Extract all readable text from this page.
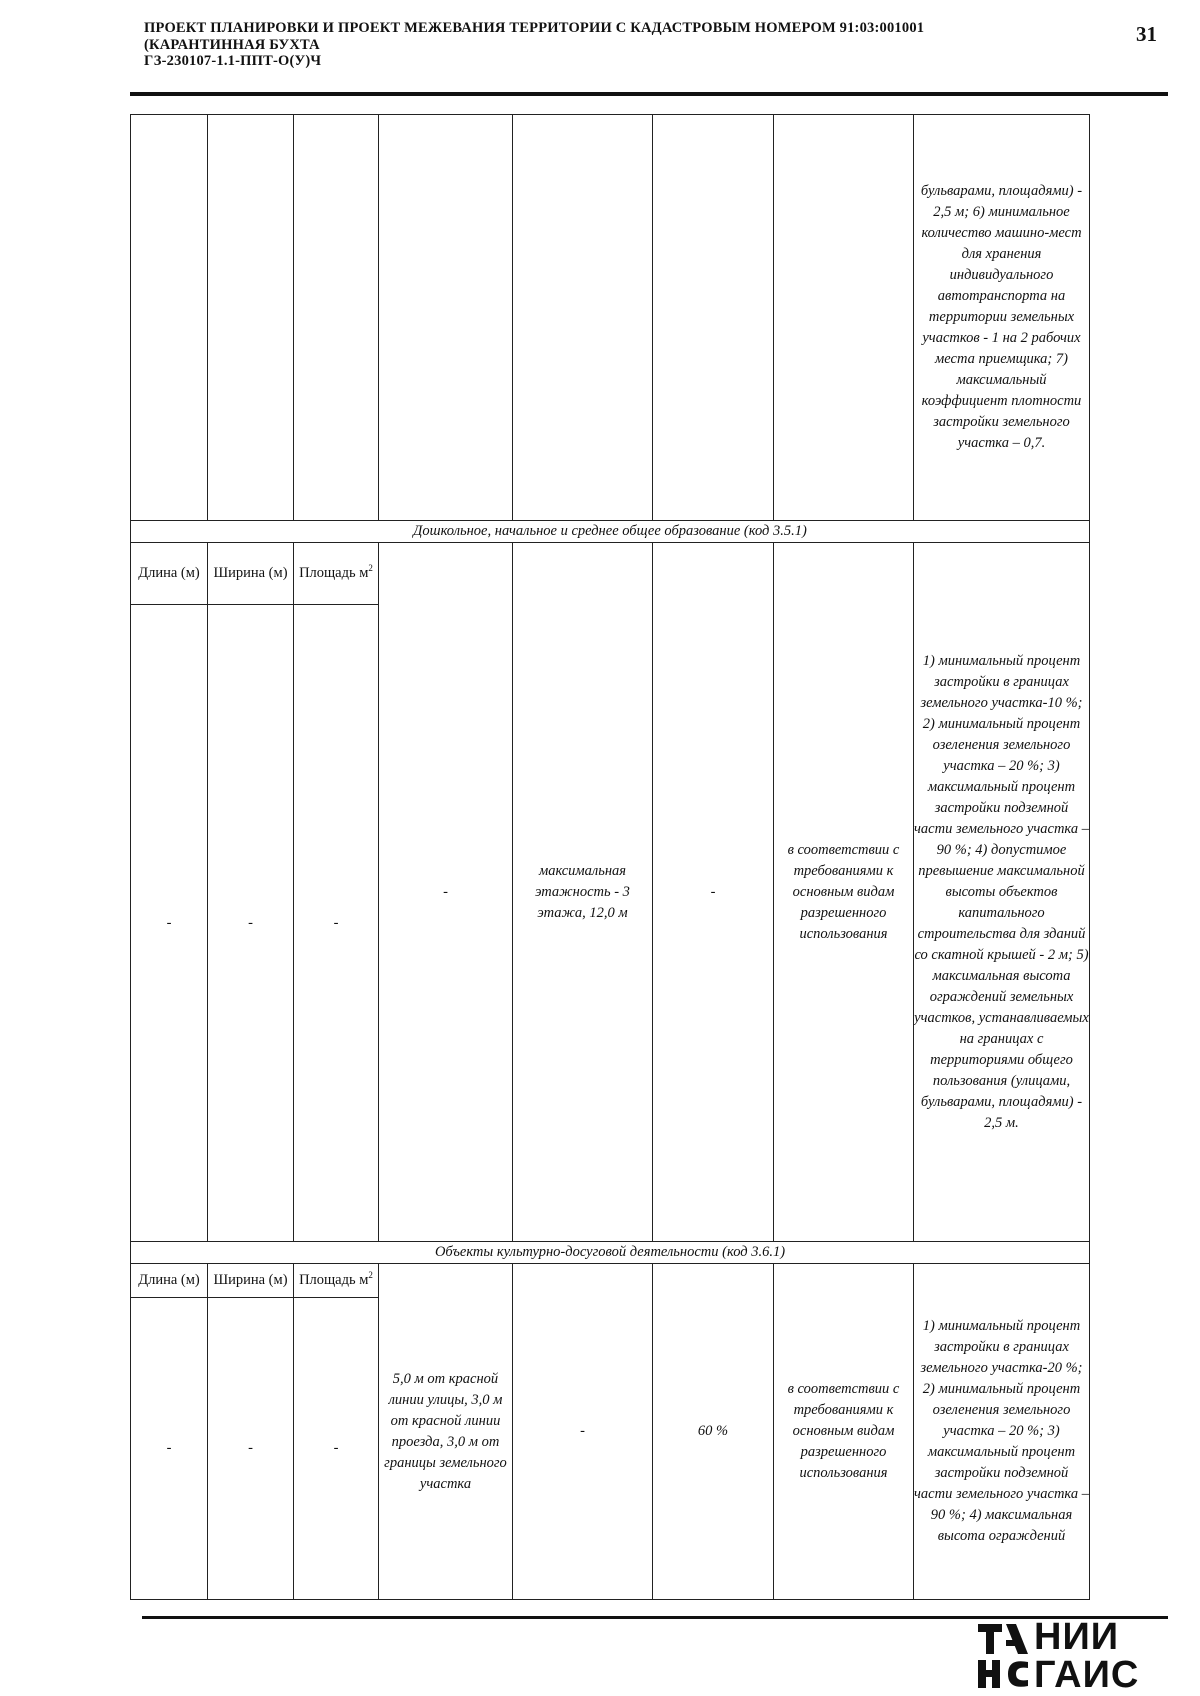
ПРОЕКТ ПЛАНИРОВКИ И ПРОЕКТ МЕЖЕВАНИЯ ТЕРРИТОРИИ С КАДАСТРОВЫМ НОМЕРОМ 91:03:001001
(КАРАНТИННАЯ БУХТА
ГЗ-230107-1.1-ППТ-О(У)Ч
31
							бульварами, площадями) - 2,5 м; 6) минимальное количество машино-мест для хранения индивидуального автотранспорта на территории земельных участков - 1 на 2 рабочих места приемщика; 7) максимальный коэффициент плотности застройки земельного участка – 0,7.
Дошкольное, начальное и среднее общее образование (код 3.5.1)							
Длина (м)	Ширина (м)	Площадь $м^2$	-	максимальная этажность - 3 этажа, 12,0 м	-	в соответствии с требованиями к основным видам разрешенного использования	1) минимальный процент застройки в границах земельного участка-10 %; 2) минимальный процент озеленения земельного участка – 20 %; 3) максимальный процент застройки подземной части земельного участка – 90 %; 4) допустимое превышение максимальной высоты объектов капитального строительства для зданий со скатной крышей - 2 м; 5) максимальная высота ограждений земельных участков, устанавливаемых на границах с территориями общего пользования (улицами, бульварами, площадями) - 2,5 м.
-	-	-					
Объекты культурно-досуговой деятельности (код 3.6.1)							
Длина (м)	Ширина (м)	Площадь $м^2$	5,0 м от красной линии улицы, 3,0 м от красной линии проезда, 3,0 м от границы земельного участка	-	60 %	в соответствии с требованиями к основным видам разрешенного использования	1) минимальный процент застройки в границах земельного участка-20 %; 2) минимальный процент озеленения земельного участка – 20 %; 3) максимальный процент застройки подземной части земельного участка – 90 %; 4) максимальная высота ограждений
-	-	-					
НИИ
ГАИС
